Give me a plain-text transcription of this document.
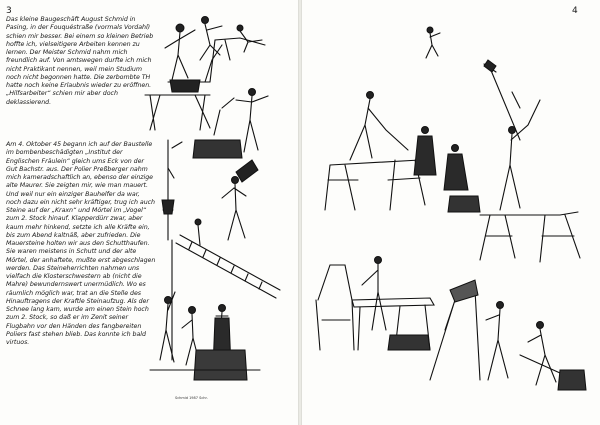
3	4

Das kleine Baugeschäft August Schmid in Pasing, in der Fouquéstraße (vormals Vordahl) schien mir besser. Bei einem so kleinen Betrieb hoffte ich, vielseitigere Arbeiten kennen zu lernen. Der Meister Schmid nahm mich freundlich auf. Von amtswegen durfte ich mich nicht Praktikant nennen, weil mein Studium noch nicht begonnen hatte. Die zerbombte TH hatte noch keine Erlaubnis wieder zu eröffnen. „Hilfsarbeiter“ schien mir aber doch deklassierend.

Am 4. Oktober 45 begann ich auf der Baustelle im bombenbeschädigten „Institut der Englischen Fräulein“ gleich ums Eck von der Gut Bachstr. aus. Der Polier Preßberger nahm mich kameradschaftlich an, ebenso der einzige alte Maurer. Sie zeigten mir, wie man mauert. Und weil nur ein einziger Bauhelfer da war, noch dazu ein nicht sehr kräftiger, trug ich auch Steine auf der „Kraxn“ und Mörtel im „Vogel“ zum 2. Stock hinauf. Klapperdürr zwar, aber kaum mehr hinkend, setzte ich alle Kräfte ein, bis zum Abend kaltnäß, aber zufrieden. Die Mauersteine holten wir aus den Schutthaufen. Sie waren meistens in Schutt und der alte Mörtel, der anhaftete, mußte erst abgeschlagen werden. Das Steineherrichten nahmen uns vielfach die Klosterschwestern ab (nicht die Mahre) bewundernswert unermüdlich. Wo es räumlich möglich war, trat an die Stelle des Hinauftragens der Kraftle Steinaufzug. Als der Schnee lang kam, wurde am einen Stein hoch zum 2. Stock, so daß er im Zenit seiner Flugbahn vor den Händen des fangbereiten Poliers fast stehen blieb. Das konnte ich bald virtuos.

Schmid 1987 Schr.
